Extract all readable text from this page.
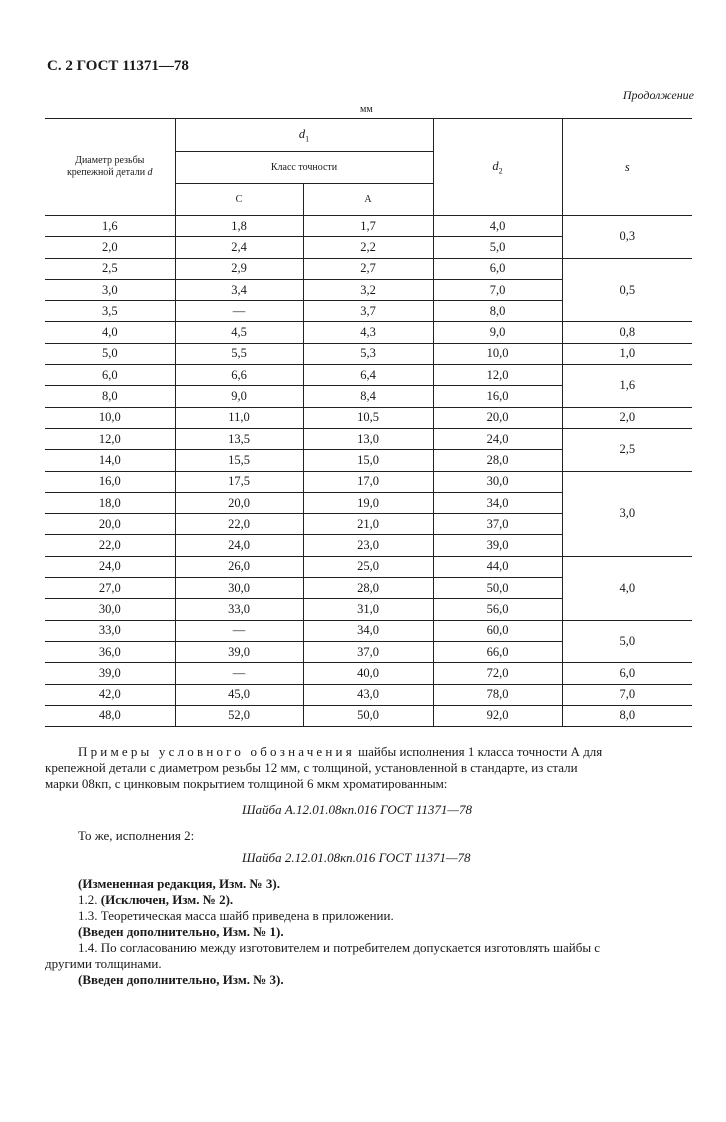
С. 2 ГОСТ 11371—78
Продолжение
мм
Диаметр резьбы
крепежной детали d	$d_1$		$d_2$	s
	Класс точности			
	С	А		
1,6	1,8	1,7	4,0	0,3
2,0	2,4	2,2	5,0	
2,5	2,9	2,7	6,0	0,5
3,0	3,4	3,2	7,0	
3,5	—	3,7	8,0	
4,0	4,5	4,3	9,0	0,8
5,0	5,5	5,3	10,0	1,0
6,0	6,6	6,4	12,0	1,6
8,0	9,0	8,4	16,0	
10,0	11,0	10,5	20,0	2,0
12,0	13,5	13,0	24,0	2,5
14,0	15,5	15,0	28,0	
16,0	17,5	17,0	30,0	3,0
18,0	20,0	19,0	34,0	
20,0	22,0	21,0	37,0	
22,0	24,0	23,0	39,0	
24,0	26,0	25,0	44,0	4,0
27,0	30,0	28,0	50,0	
30,0	33,0	31,0	56,0	
33,0	—	34,0	60,0	5,0
36,0	39,0	37,0	66,0	
39,0	—	40,0	72,0	6,0
42,0	45,0	43,0	78,0	7,0
48,0	52,0	50,0	92,0	8,0
Примеры условного обозначения шайбы исполнения 1 класса точности А для
крепежной детали с диаметром резьбы 12 мм, с толщиной, установленной в стандарте, из стали
марки 08кп, с цинковым покрытием толщиной 6 мкм хроматированным:
Шайба А.12.01.08кп.016 ГОСТ 11371—78
То же, исполнения 2:
Шайба 2.12.01.08кп.016 ГОСТ 11371—78
(Измененная редакция, Изм. № 3).
1.2. (Исключен, Изм. № 2).
1.3. Теоретическая масса шайб приведена в приложении.
(Введен дополнительно, Изм. № 1).
1.4. По согласованию между изготовителем и потребителем допускается изготовлять шайбы с
другими толщинами.
(Введен дополнительно, Изм. № 3).
